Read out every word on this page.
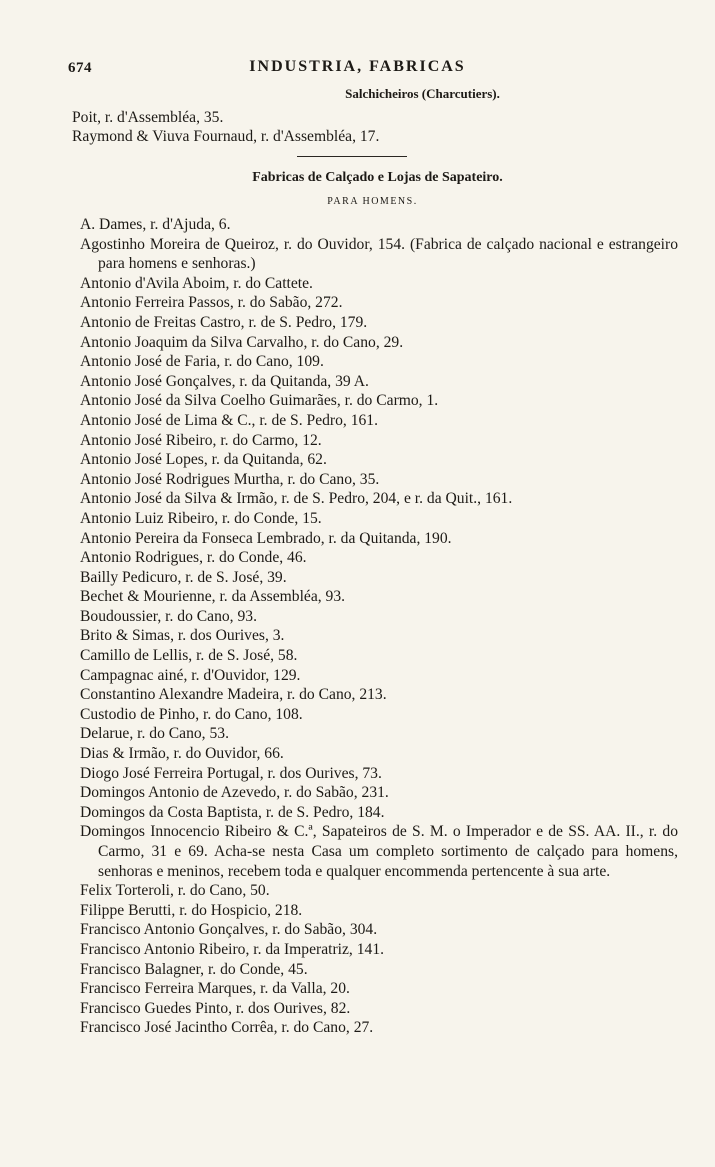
674	INDUSTRIA, FABRICAS
Salchicheiros (Charcutiers).
Poit, r. d'Assembléa, 35.
Raymond & Viuva Fournaud, r. d'Assembléa, 17.
Fabricas de Calçado e Lojas de Sapateiro.
PARA HOMENS.
A. Dames, r. d'Ajuda, 6.
Agostinho Moreira de Queiroz, r. do Ouvidor, 154. (Fabrica de calçado nacional e estrangeiro para homens e senhoras.)
Antonio d'Avila Aboim, r. do Cattete.
Antonio Ferreira Passos, r. do Sabão, 272.
Antonio de Freitas Castro, r. de S. Pedro, 179.
Antonio Joaquim da Silva Carvalho, r. do Cano, 29.
Antonio José de Faria, r. do Cano, 109.
Antonio José Gonçalves, r. da Quitanda, 39 A.
Antonio José da Silva Coelho Guimarães, r. do Carmo, 1.
Antonio José de Lima & C., r. de S. Pedro, 161.
Antonio José Ribeiro, r. do Carmo, 12.
Antonio José Lopes, r. da Quitanda, 62.
Antonio José Rodrigues Murtha, r. do Cano, 35.
Antonio José da Silva & Irmão, r. de S. Pedro, 204, e r. da Quit., 161.
Antonio Luiz Ribeiro, r. do Conde, 15.
Antonio Pereira da Fonseca Lembrado, r. da Quitanda, 190.
Antonio Rodrigues, r. do Conde, 46.
Bailly Pedicuro, r. de S. José, 39.
Bechet & Mourienne, r. da Assembléa, 93.
Boudoussier, r. do Cano, 93.
Brito & Simas, r. dos Ourives, 3.
Camillo de Lellis, r. de S. José, 58.
Campagnac ainé, r. d'Ouvidor, 129.
Constantino Alexandre Madeira, r. do Cano, 213.
Custodio de Pinho, r. do Cano, 108.
Delarue, r. do Cano, 53.
Dias & Irmão, r. do Ouvidor, 66.
Diogo José Ferreira Portugal, r. dos Ourives, 73.
Domingos Antonio de Azevedo, r. do Sabão, 231.
Domingos da Costa Baptista, r. de S. Pedro, 184.
Domingos Innocencio Ribeiro & C.ª, Sapateiros de S. M. o Imperador e de SS. AA. II., r. do Carmo, 31 e 69. Acha-se nesta Casa um completo sortimento de calçado para homens, senhoras e meninos, recebem toda e qualquer encommenda pertencente à sua arte.
Felix Torteroli, r. do Cano, 50.
Filippe Berutti, r. do Hospicio, 218.
Francisco Antonio Gonçalves, r. do Sabão, 304.
Francisco Antonio Ribeiro, r. da Imperatriz, 141.
Francisco Balagner, r. do Conde, 45.
Francisco Ferreira Marques, r. da Valla, 20.
Francisco Guedes Pinto, r. dos Ourives, 82.
Francisco José Jacintho Corrêa, r. do Cano, 27.
